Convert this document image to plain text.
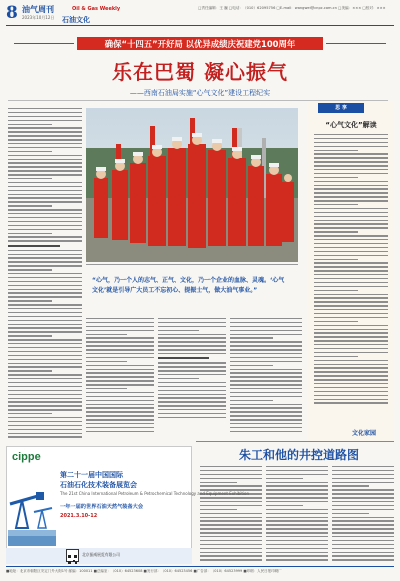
8 油气周刊	Oil & Gas Weekly
2023年10月12日 石油文化
□责任编辑：王 巍 □电话：（010）62095756 □E-mail：wangwei@cnpc.com.cn □美编：××× □校对：×××
确保“十四五”开好局 以优异成绩庆祝建党100周年
乐在巴蜀 凝心振气
——西南石油局实施“心气文化”建设工程纪实
“心气，乃一个人的志气、正气、文化，乃一个企业的血脉、灵魂。‘心气文化’就是引导广大员工不忘初心、提振士气，做大油气事业。”
思 享
“心气文化”解读
文化家园
朱工和他的井控道路图
cippe
第二十一届中国国际
石油石化技术装备展览会
The 21st China International Petroleum & Petrochemical Technology and Equipment Exhibition
一年一届的世界石油天然气装备大会
2021.3.10-12
北京振威展览有限公司
■地址：北京市朝阳区安定门外大街1号 邮编：100011 ■总编室：（010）64523608 ■发行部：（010）64523456 ■广告部：（010）64523999 ■印刷：人民日报印刷厂
